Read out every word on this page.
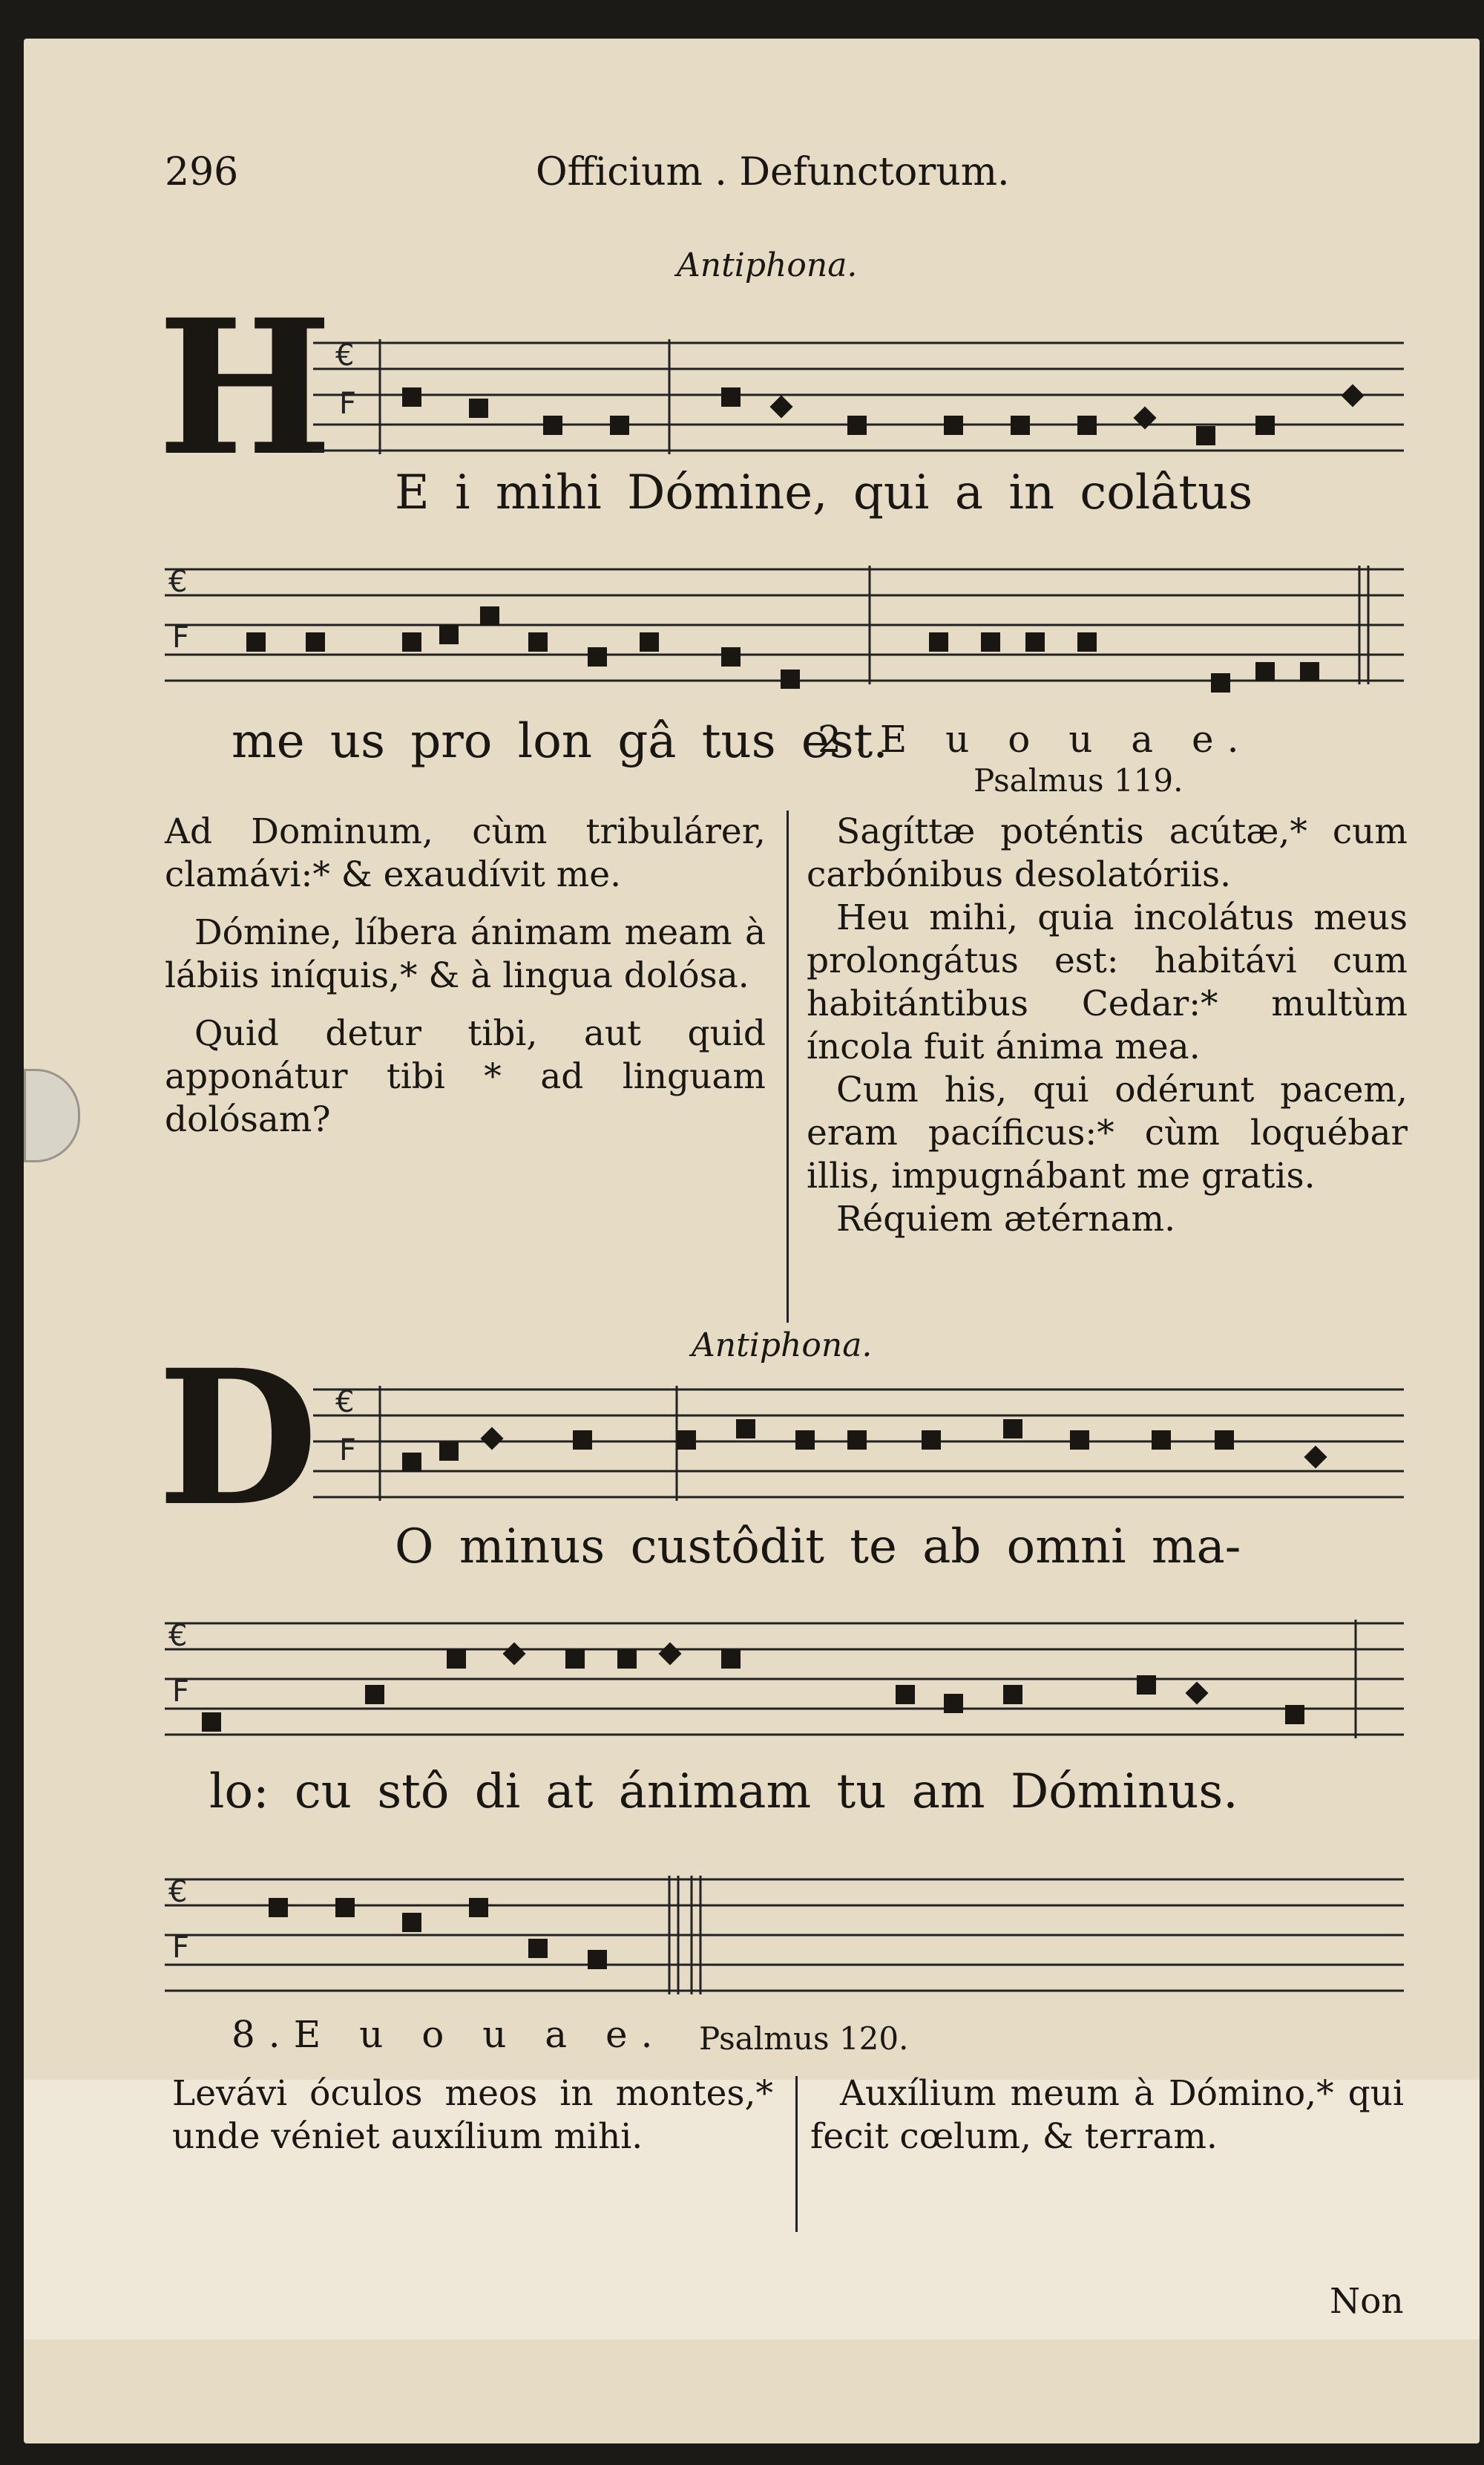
296	Officium . Defunctorum.
Antiphona.
H €
F
€
F
€
F
€
F
€
F
E i mihi Dómine, qui a in colâtus
me us pro lon gâ tus est.
2.E u o u a e.
Psalmus 119.

Ad Dominum, cùm tribulárer, clamávi:* & exaudívit me.

Dómine, líbera ánimam meam à lábiis iníquis,* & à lingua dolósa.

Quid detur tibi, aut quid apponátur tibi * ad linguam dolósam?

Sagíttæ poténtis acútæ,* cum carbónibus desolatóriis.

Heu mihi, quia incolátus meus prolongátus est: habitávi cum habitántibus Cedar:* multùm íncola fuit ánima mea.

Cum his, qui odérunt pacem, eram pacíficus:* cùm loquébar illis, impugnábant me gratis.

Réquiem ætérnam.

Antiphona.
D O minus custôdit te ab omni ma-
lo: cu stô di at ánimam tu am Dóminus.
8.E u o u a e. Psalmus 120.

Levávi óculos meos in montes,* unde véniet auxílium mihi.

Auxílium meum à Dómino,* qui fecit cœlum, & terram.

Non
